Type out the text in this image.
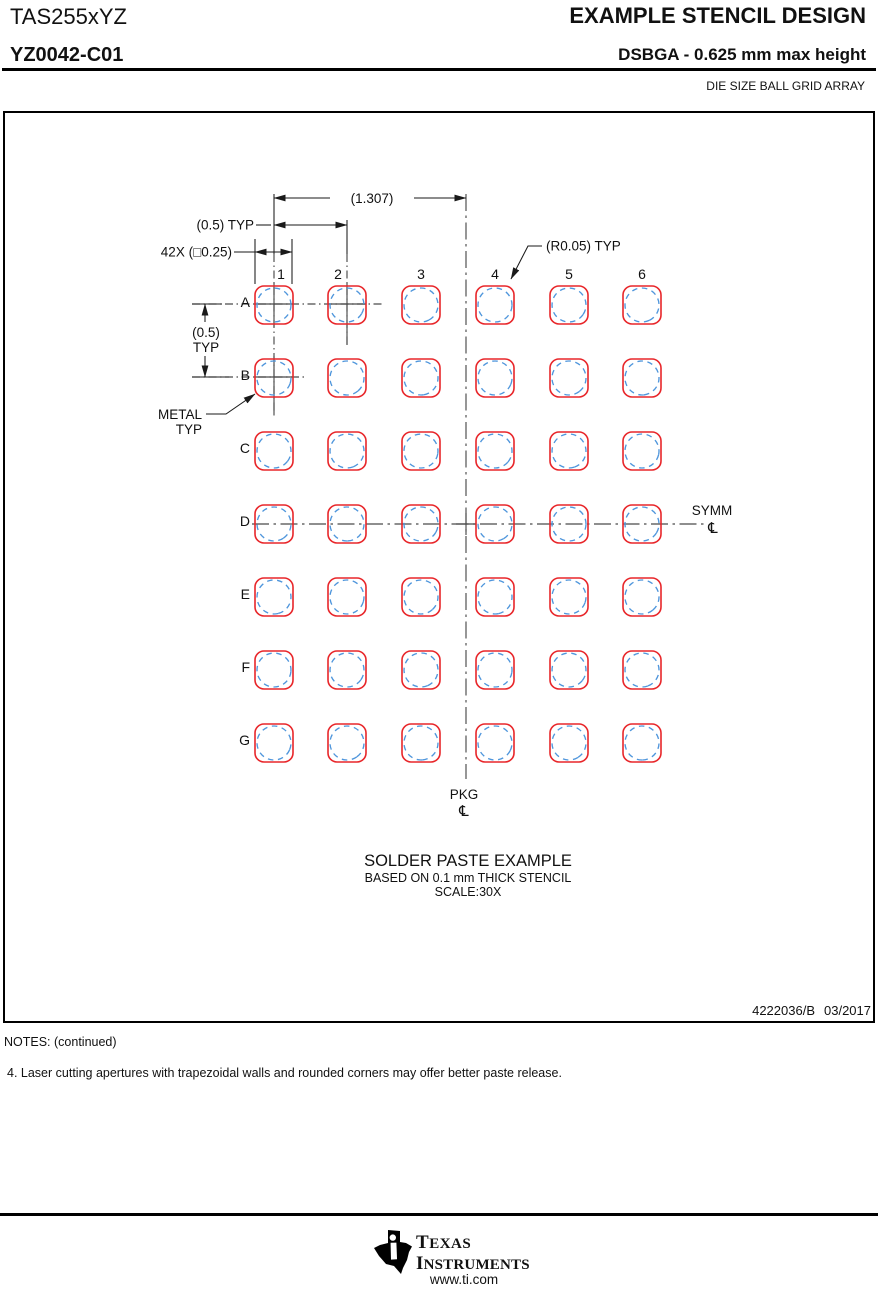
TAS255xYZ
YZ0042-C01
EXAMPLE STENCIL DESIGN
DSBGA - 0.625 mm max height
DIE SIZE BALL GRID ARRAY
A
B
C
D
E
F
G
1	2	3	4	5	6
(1.307)
(0.5) TYP
42X (□0.25)	(R0.05) TYP
(0.5)
TYP
METAL
TYP
SYMM
℄
PKG
℄
SOLDER PASTE EXAMPLE
BASED ON 0.1 mm THICK STENCIL
SCALE:30X
4222036/B 03/2017
NOTES: (continued)
4. Laser cutting apertures with trapezoidal walls and rounded corners may offer better paste release.
TEXAS
INSTRUMENTS
www.ti.com
